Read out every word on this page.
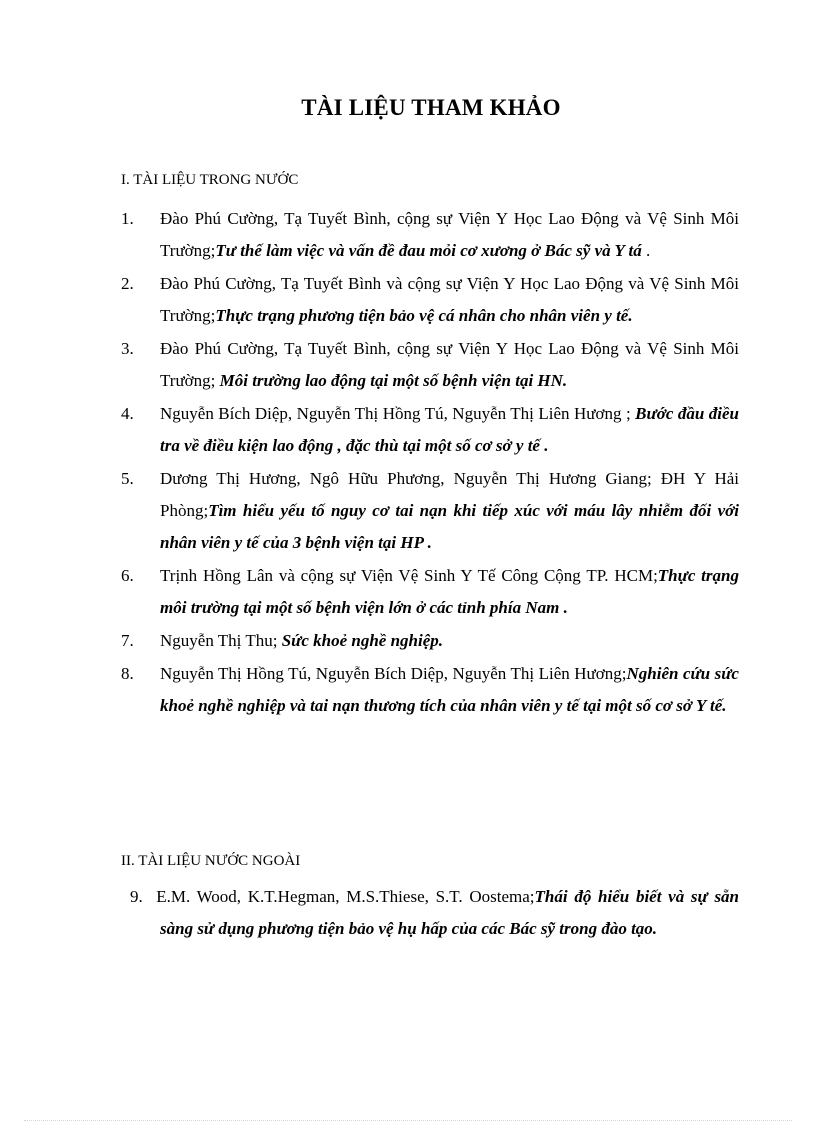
TÀI LIỆU THAM KHẢO
I. TÀI LIỆU TRONG NƯỚC
1.	Đào Phú Cường, Tạ Tuyết Bình, cộng sự Viện Y Học Lao Động và Vệ Sinh Môi Trường;Tư thế làm việc và vấn đề đau mỏi cơ xương ở Bác sỹ và Y tá .
2.	Đào Phú Cường, Tạ Tuyết Bình và cộng sự Viện Y Học Lao Động và Vệ Sinh Môi Trường;Thực trạng phương tiện bảo vệ cá nhân cho nhân viên y tế.
3.	Đào Phú Cường, Tạ Tuyết Bình, cộng sự Viện Y Học Lao Động và Vệ Sinh Môi Trường; Môi trường lao động tại một số bệnh viện tại HN.
4.	Nguyễn Bích Diệp, Nguyễn Thị Hồng Tú, Nguyễn Thị Liên Hương ; Bước đầu điều tra về điều kiện lao động , đặc thù tại một số cơ sở y tế .
5.	Dương Thị Hương, Ngô Hữu Phương, Nguyễn Thị Hương Giang; ĐH Y Hải Phòng;Tìm hiểu yếu tố nguy cơ tai nạn khi tiếp xúc với máu lây nhiễm đối với nhân viên y tế của 3 bệnh viện tại HP .
6.	Trịnh Hồng Lân và cộng sự Viện Vệ Sinh Y Tế Công Cộng TP. HCM;Thực trạng môi trường tại một số bệnh viện lớn ở các tỉnh phía Nam .
7.	Nguyễn Thị Thu; Sức khoẻ nghề nghiệp.
8.	Nguyễn Thị Hồng Tú, Nguyễn Bích Diệp, Nguyễn Thị Liên Hương;Nghiên cứu sức khoẻ nghề nghiệp và tai nạn thương tích của nhân viên y tế tại một số cơ sở Y tế.
II. TÀI LIỆU NƯỚC NGOÀI
9. E.M. Wood, K.T.Hegman, M.S.Thiese, S.T. Oostema;Thái độ hiểu biết và sự sẵn sàng sử dụng phương tiện bảo vệ hụ hấp của các Bác sỹ trong đào tạo.
